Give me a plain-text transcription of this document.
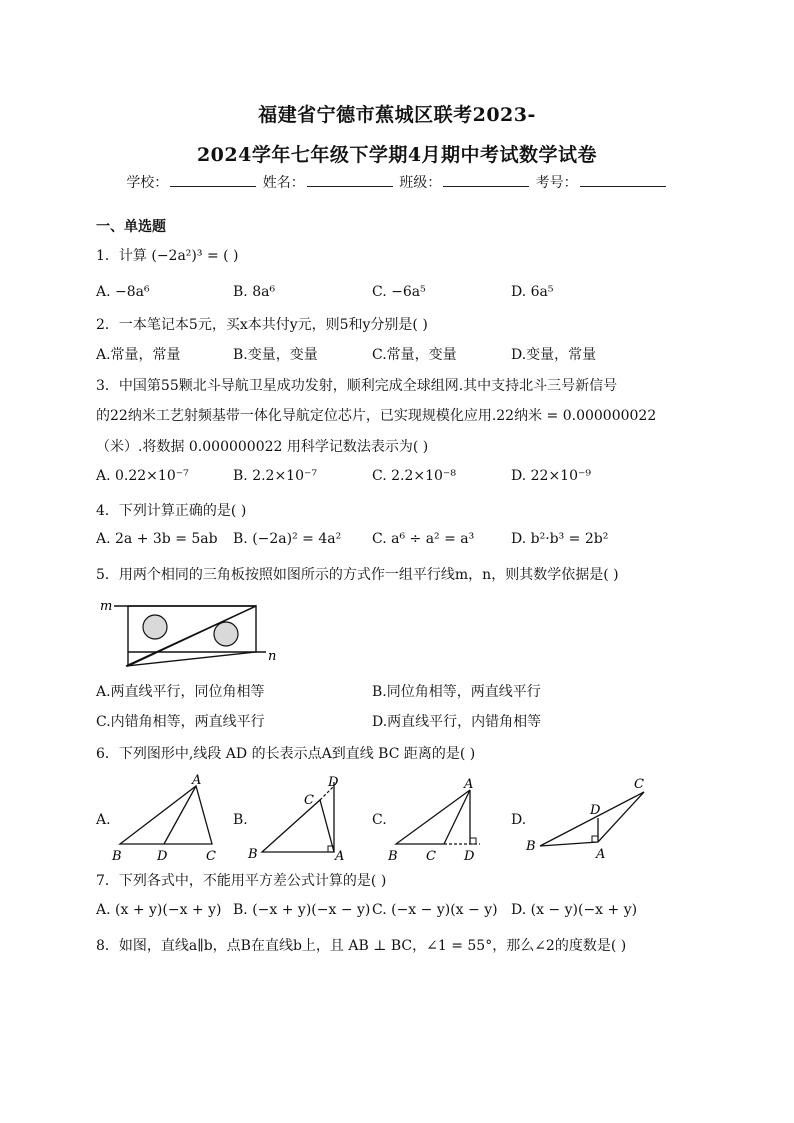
福建省宁德市蕉城区联考2023-
2024学年七年级下学期4月期中考试数学试卷
学校：	姓名：	班级：	考号：
一、单选题
1．计算 (−2a²)³ = ( )
A. −8a⁶	B. 8a⁶	C. −6a⁵	D. 6a⁵
2．一本笔记本5元，买x本共付y元，则5和y分别是( )
A.常量，常量	B.变量，变量	C.常量，变量	D.变量，常量
3．中国第55颗北斗导航卫星成功发射，顺利完成全球组网.其中支持北斗三号新信号
的22纳米工艺射频基带一体化导航定位芯片，已实现规模化应用.22纳米 = 0.000000022
（米）.将数据 0.000000022 用科学记数法表示为( )
A. 0.22×10⁻⁷	B. 2.2×10⁻⁷	C. 2.2×10⁻⁸	D. 22×10⁻⁹
4．下列计算正确的是( )
A. 2a + 3b = 5ab B. (−2a)² = 4a² C. a⁶ ÷ a² = a³	D. b²·b³ = 2b²
5．用两个相同的三角板按照如图所示的方式作一组平行线m，n，则其数学依据是( )
m
n
A.两直线平行，同位角相等	B.同位角相等，两直线平行
C.内错角相等，两直线平行	D.两直线平行，内错角相等
6．下列图形中,线段 AD 的长表示点A到直线 BC 距离的是( )
A.
A
B	D	C
B.
D
C
B	A
C.
A
B C D
D.
C
D
B
A
7．下列各式中，不能用平方差公式计算的是( )
A. (x + y)(−x + y) B. (−x + y)(−x − y) C. (−x − y)(x − y) D. (x − y)(−x + y)
8．如图，直线a∥b，点B在直线b上，且 AB ⊥ BC，∠1 = 55°，那么∠2的度数是( )
